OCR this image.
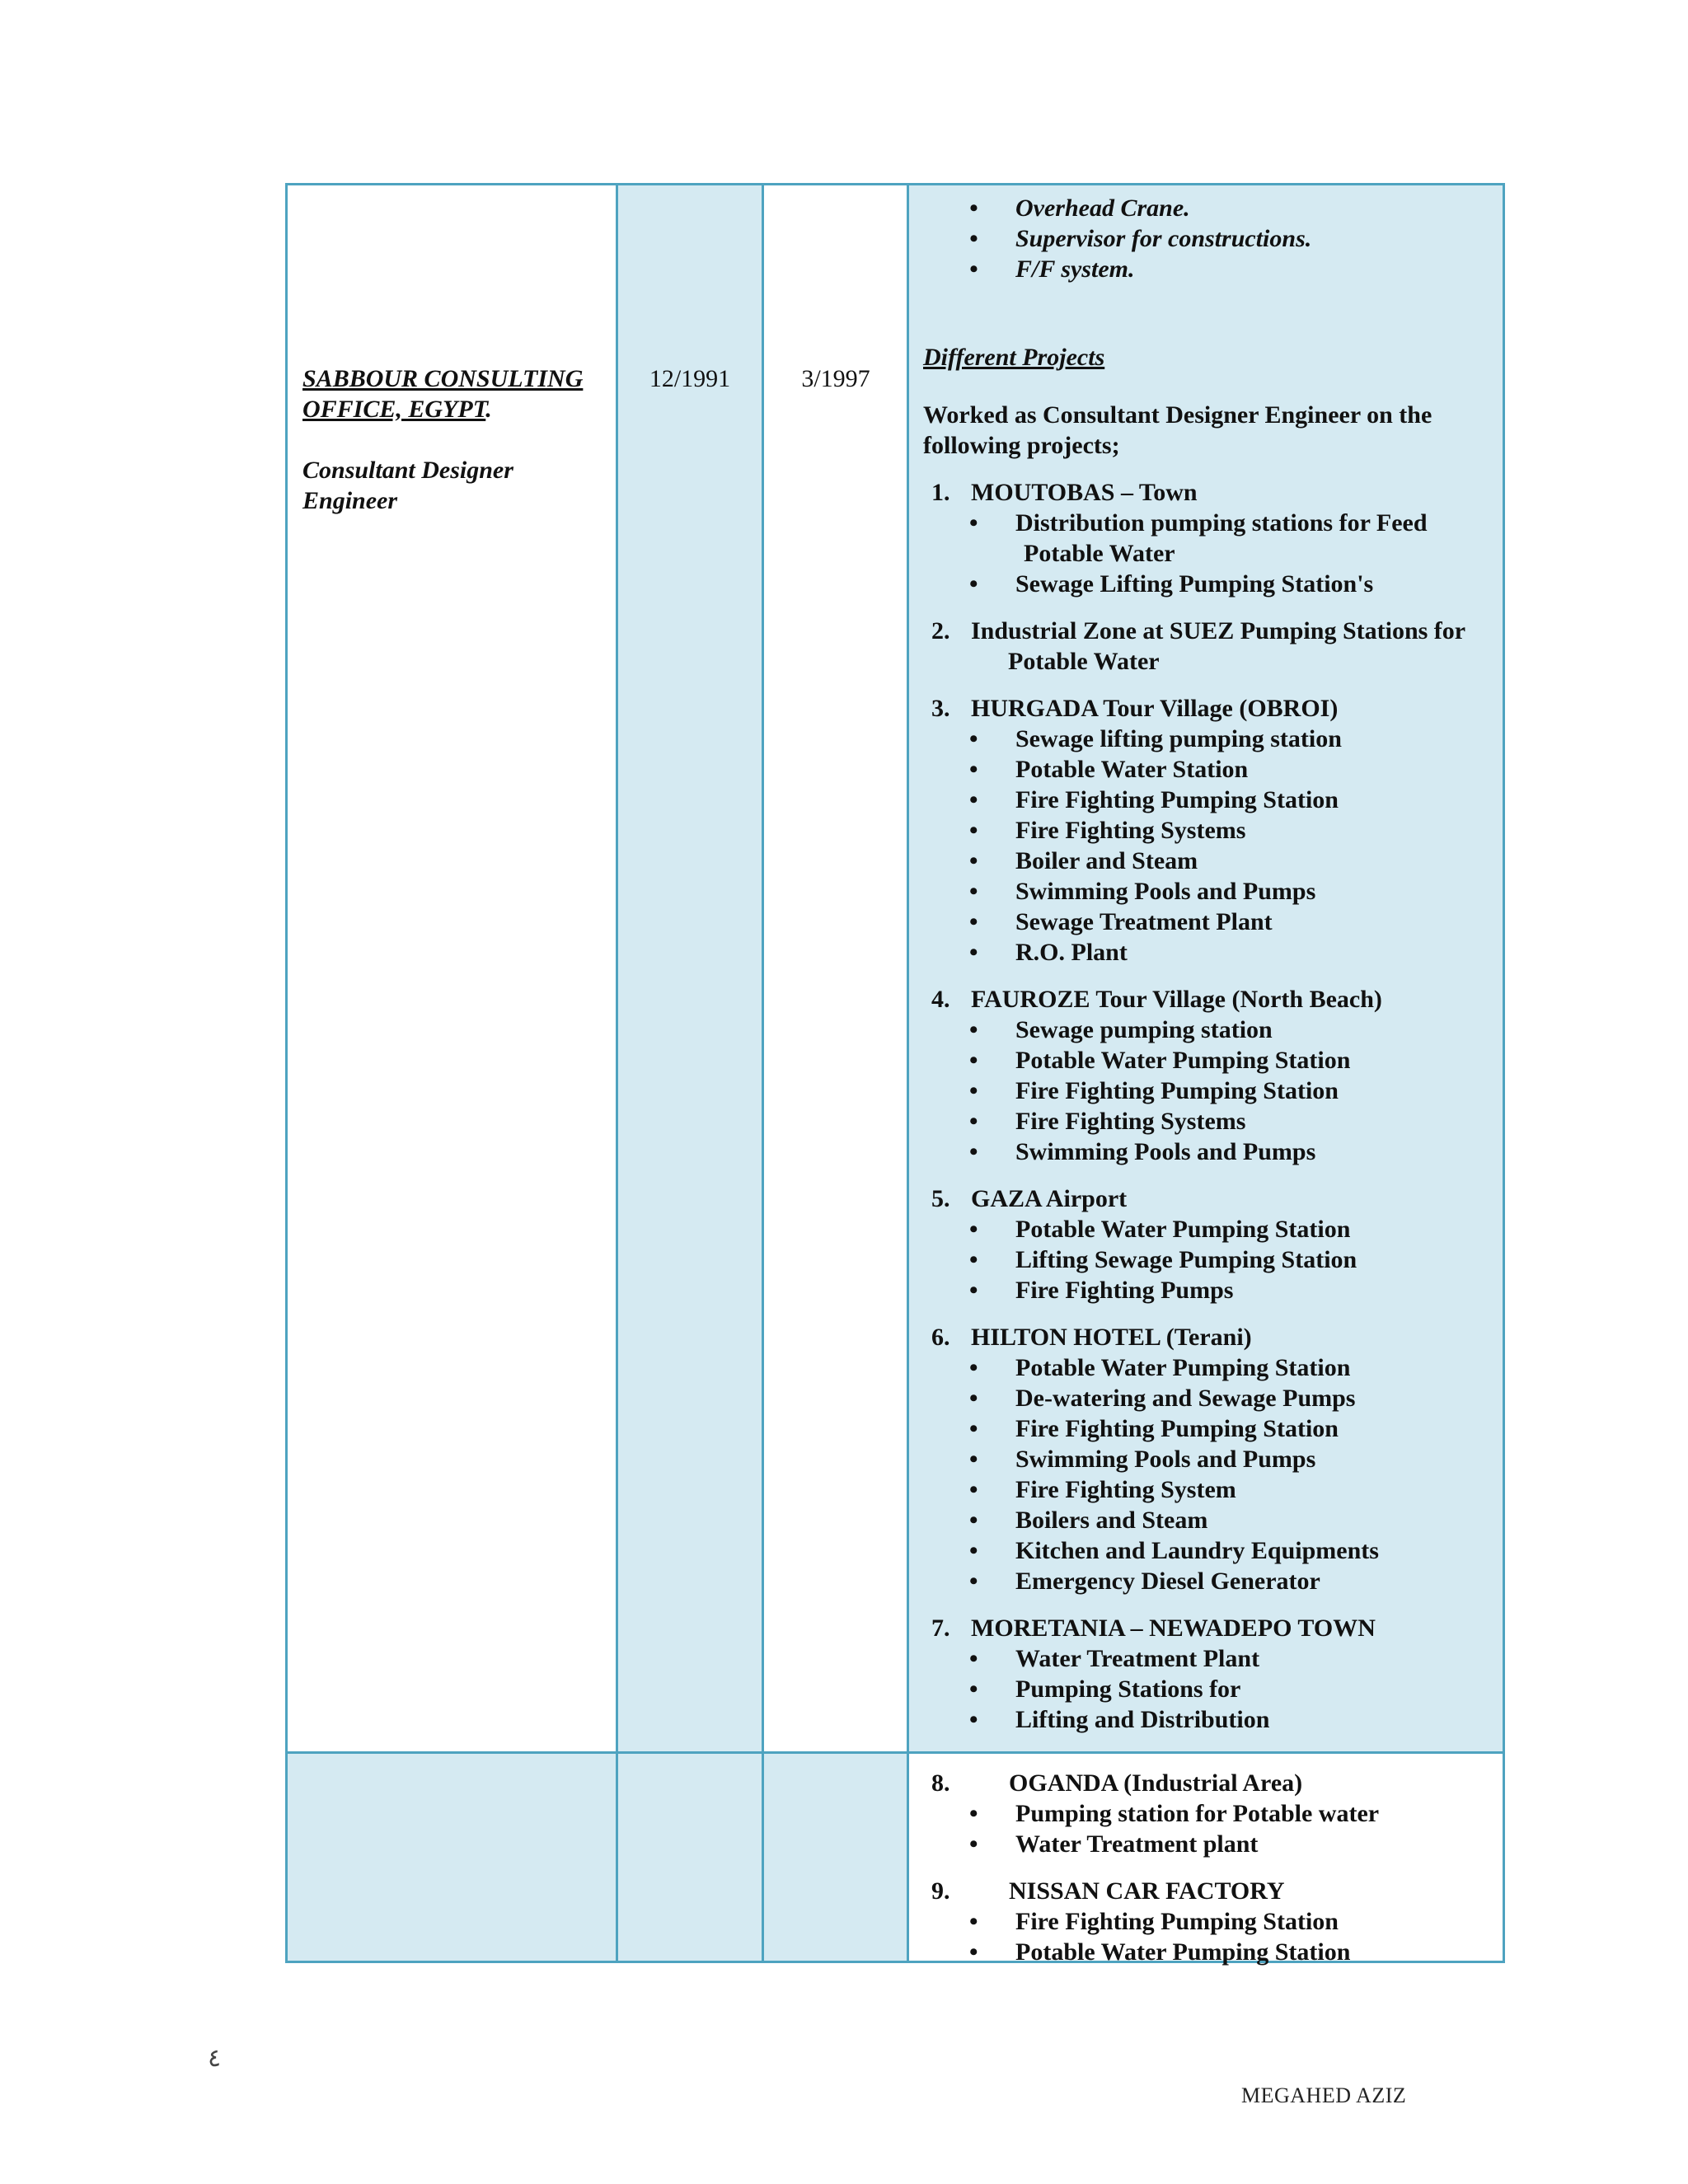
SABBOUR CONSULTING OFFICE, EGYPT.
Consultant Designer Engineer
12/1991	3/1997
• Overhead Crane.
• Supervisor for constructions.
• F/F system.
Different Projects
Worked as Consultant Designer Engineer on the following projects;
1. MOUTOBAS – Town
• Distribution pumping stations for Feed
Potable Water
• Sewage Lifting Pumping Station's
2. Industrial Zone at SUEZ Pumping Stations for
Potable Water
3. HURGADA Tour Village (OBROI)
• Sewage lifting pumping station
• Potable Water Station
• Fire Fighting Pumping Station
• Fire Fighting Systems
• Boiler and Steam
• Swimming Pools and Pumps
• Sewage Treatment Plant
• R.O. Plant
4. FAUROZE Tour Village (North Beach)
• Sewage pumping station
• Potable Water Pumping Station
• Fire Fighting Pumping Station
• Fire Fighting Systems
• Swimming Pools and Pumps
5. GAZA Airport
• Potable Water Pumping Station
• Lifting Sewage Pumping Station
• Fire Fighting Pumps
6. HILTON HOTEL (Terani)
• Potable Water Pumping Station
• De-watering and Sewage Pumps
• Fire Fighting Pumping Station
• Swimming Pools and Pumps
• Fire Fighting System
• Boilers and Steam
• Kitchen and Laundry Equipments
• Emergency Diesel Generator
7. MORETANIA – NEWADEPO TOWN
• Water Treatment Plant
• Pumping Stations for
• Lifting and Distribution
8. OGANDA (Industrial Area)
• Pumping station for Potable water
• Water Treatment plant
9. NISSAN CAR FACTORY
• Fire Fighting Pumping Station
• Potable Water Pumping Station
٤
MEGAHED AZIZ
